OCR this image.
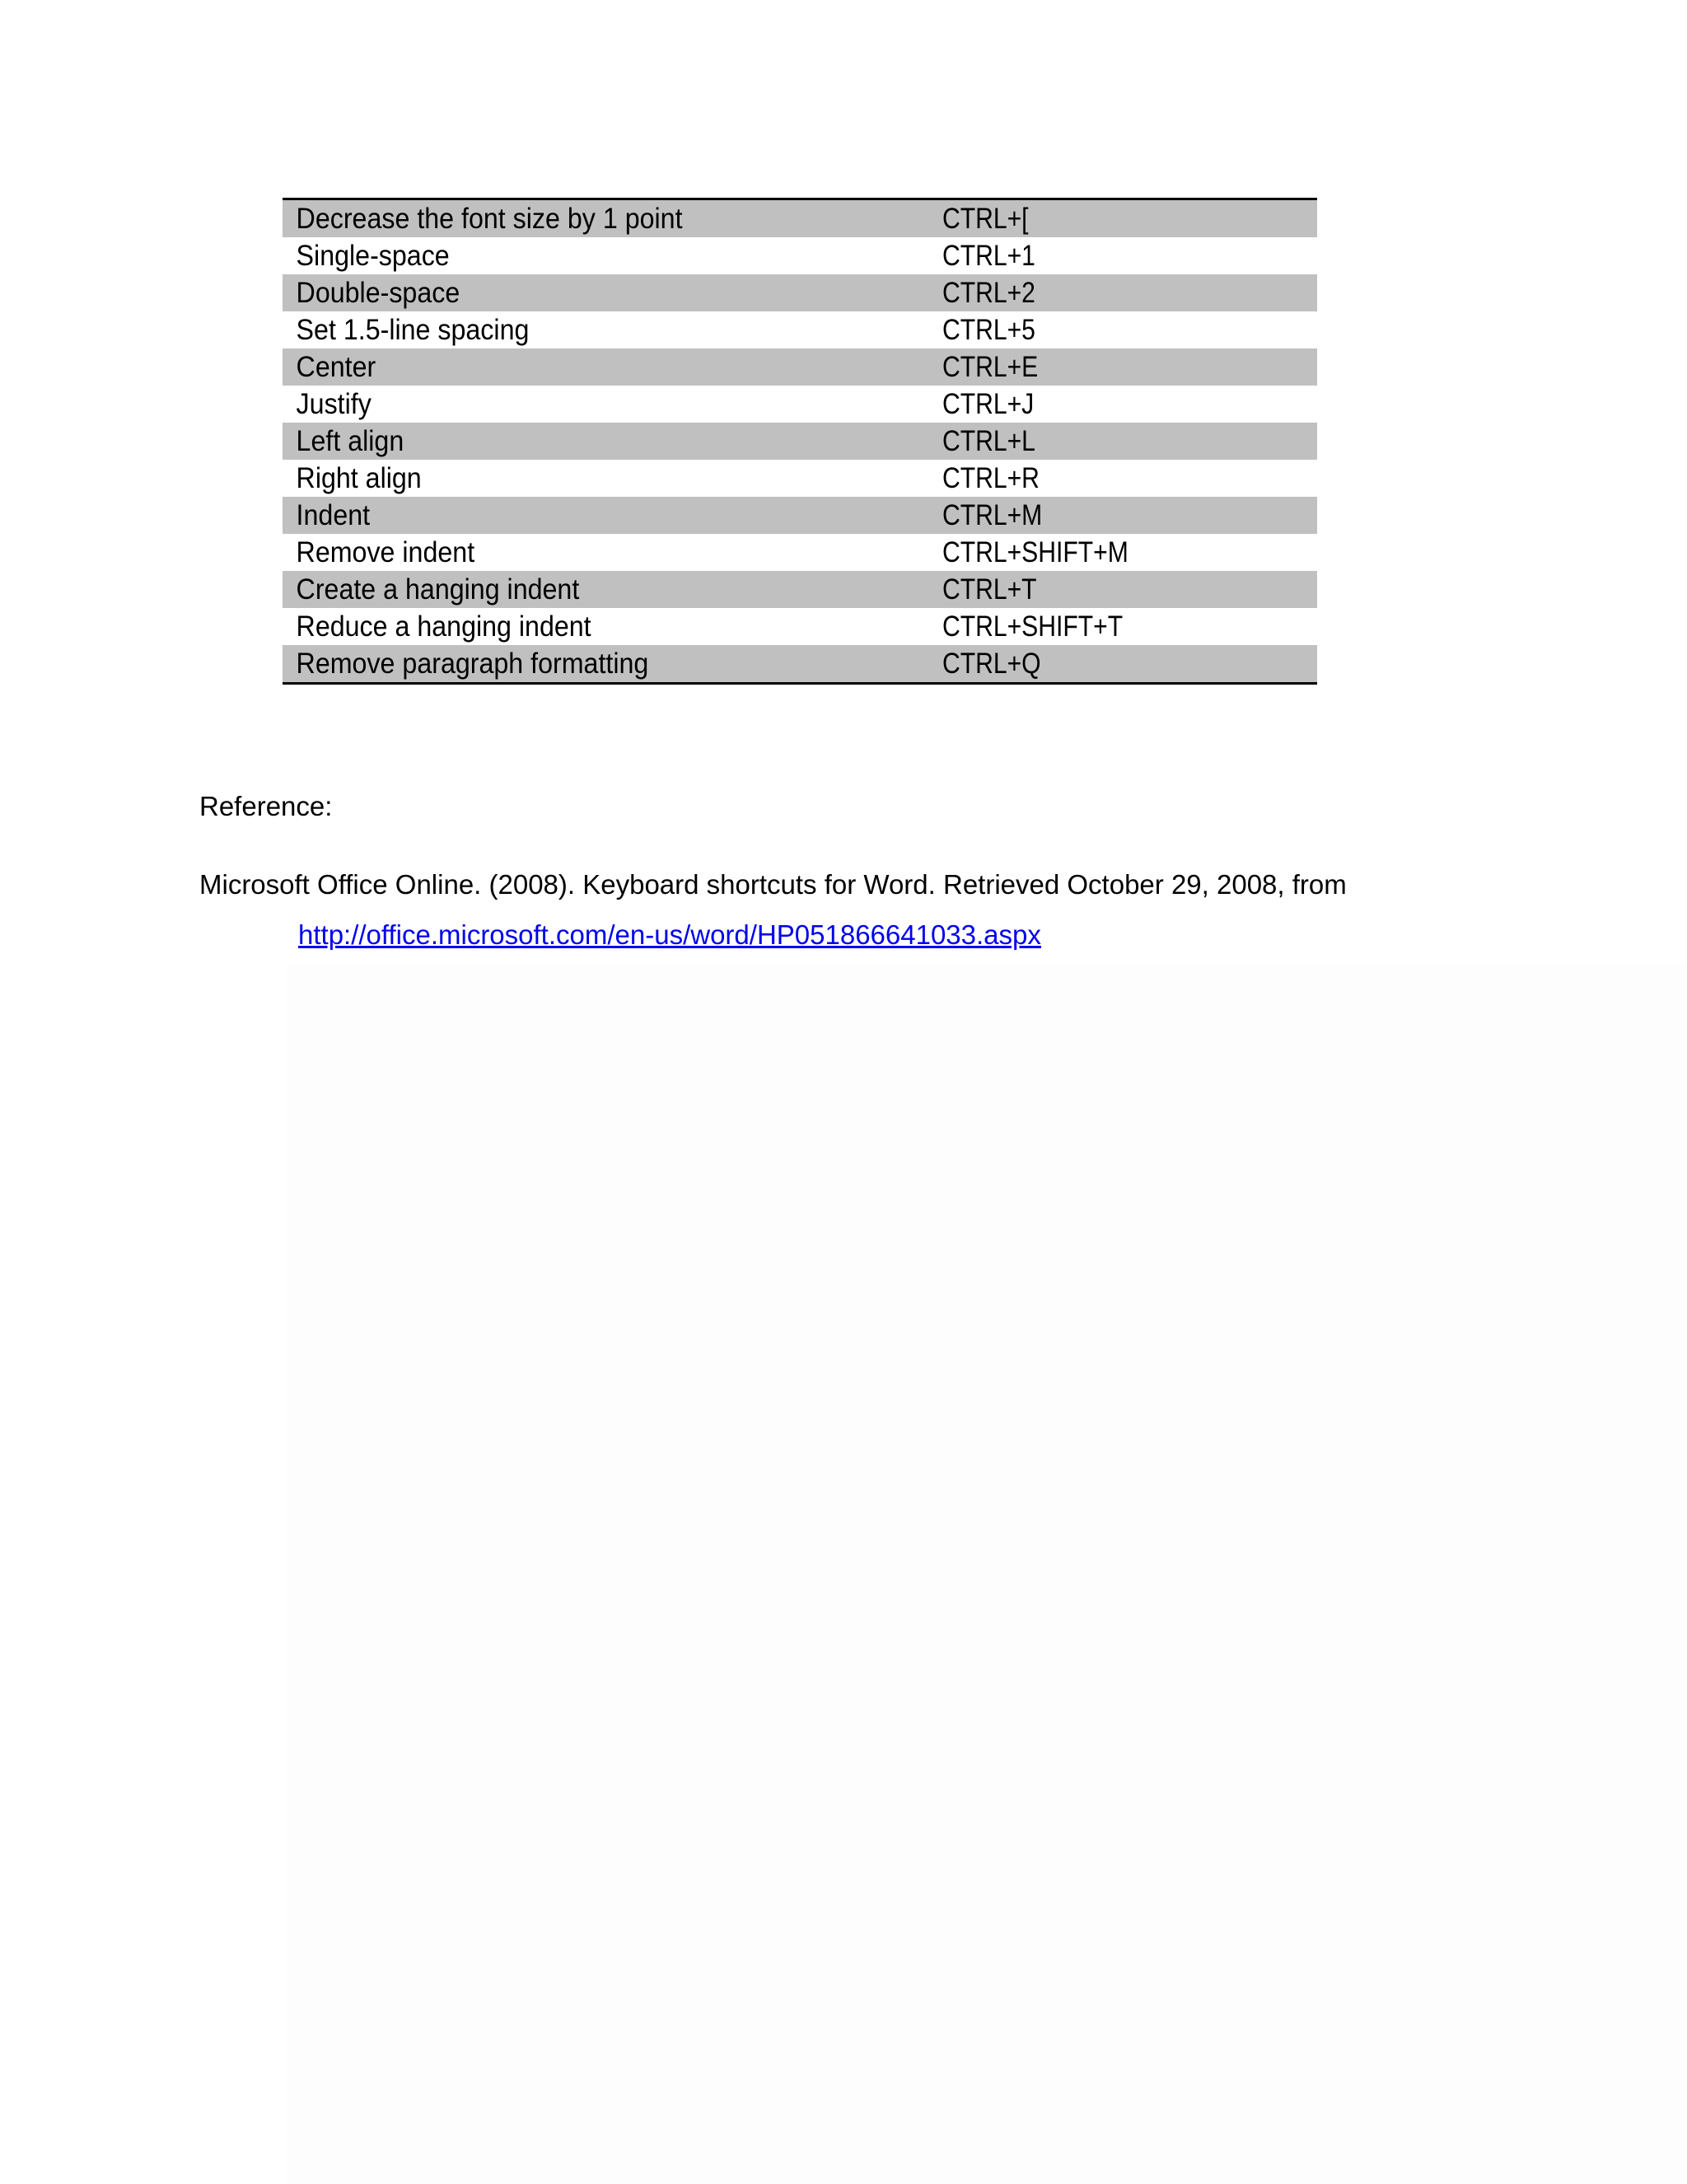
Decrease the font size by 1 point	CTRL+[
Single-space	CTRL+1
Double-space	CTRL+2
Set 1.5-line spacing	CTRL+5
Center	CTRL+E
Justify	CTRL+J
Left align	CTRL+L
Right align	CTRL+R
Indent	CTRL+M
Remove indent	CTRL+SHIFT+M
Create a hanging indent	CTRL+T
Reduce a hanging indent	CTRL+SHIFT+T
Remove paragraph formatting	CTRL+Q
Reference:
Microsoft Office Online. (2008). Keyboard shortcuts for Word. Retrieved October 29, 2008, from
http://office.microsoft.com/en-us/word/HP051866641033.aspx
